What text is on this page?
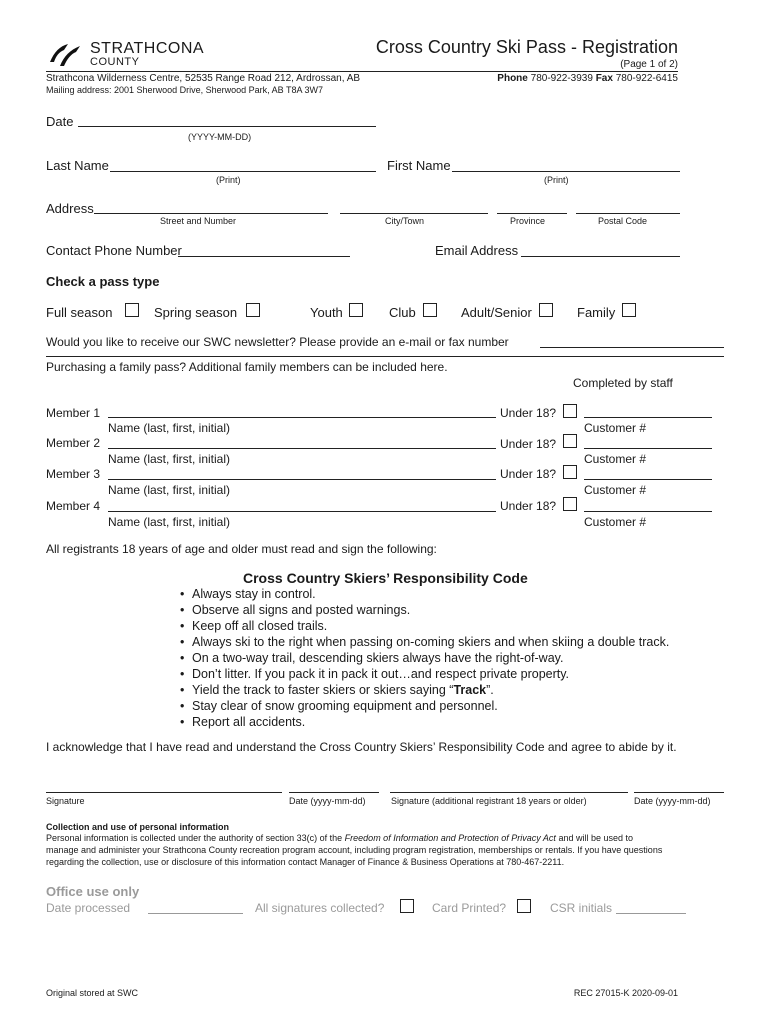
STRATHCONA
COUNTY
Cross Country Ski Pass - Registration
(Page 1 of 2)
Strathcona Wilderness Centre, 52535 Range Road 212, Ardrossan, AB	Phone 780-922-3939 Fax 780-922-6415
Mailing address: 2001 Sherwood Drive, Sherwood Park, AB T8A 3W7
Date
(YYYY-MM-DD)
Last Name
(Print)
First Name
(Print)
Address
Street and Number	City/Town	Province	Postal Code
Contact Phone Number	Email Address
Check a pass type
Full season	Spring season	Youth	Club	Adult/Senior	Family
Would you like to receive our SWC newsletter? Please provide an e-mail or fax number
Purchasing a family pass? Additional family members can be included here.
Completed by staff
Member 1
Name (last, first, initial)
Under 18?
Customer #
Member 2
Name (last, first, initial)
Under 18?
Customer #
Member 3
Name (last, first, initial)
Under 18?
Customer #
Member 4
Name (last, first, initial)
Under 18?
Customer #
All registrants 18 years of age and older must read and sign the following:
Cross Country Skiers’ Responsibility Code
• Always stay in control.
• Observe all signs and posted warnings.
• Keep off all closed trails.
• Always ski to the right when passing on-coming skiers and when skiing a double track.
• On a two-way trail, descending skiers always have the right-of-way.
• Don’t litter. If you pack it in pack it out…and respect private property.
• Yield the track to faster skiers or skiers saying “Track”.
• Stay clear of snow grooming equipment and personnel.
• Report all accidents.
I acknowledge that I have read and understand the Cross Country Skiers’ Responsibility Code and agree to abide by it.
Signature	Date (yyyy-mm-dd)	Signature (additional registrant 18 years or older)	Date (yyyy-mm-dd)
Collection and use of personal information
Personal information is collected under the authority of section 33(c) of the Freedom of Information and Protection of Privacy Act and will be used to
manage and administer your Strathcona County recreation program account, including program registration, memberships or rentals. If you have questions
regarding the collection, use or disclosure of this information contact Manager of Finance & Business Operations at 780-467-2211.
Office use only
Date processed	All signatures collected?	Card Printed?	CSR initials
Original stored at SWC	REC 27015-K 2020-09-01
